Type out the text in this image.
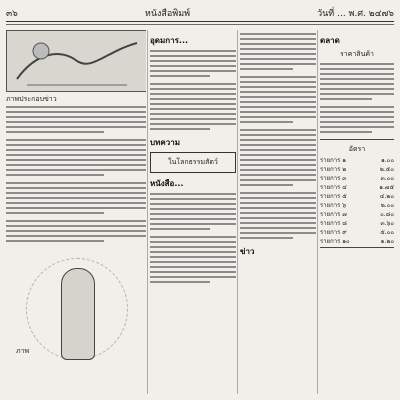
๓๖	หนังสือพิมพ์	วันที่ ... พ.ศ. ๒๔๗๖
ภาพประกอบข่าว
ภาพ
อุดมการ...
บทความ
ในโลกธรรมสัตว์
หนังสือ...
ข่าว
ตลาด
ราคาสินค้า
อัตรา
รายการ ๑	๑.๐๐
รายการ ๒	๒.๕๐
รายการ ๓	๓.๐๐
รายการ ๔	๑.๗๕
รายการ ๕	๔.๒๐
รายการ ๖	๒.๐๐
รายการ ๗	๐.๘๐
รายการ ๘	๓.๖๐
รายการ ๙	๕.๐๐
รายการ ๑๐	๑.๒๐
